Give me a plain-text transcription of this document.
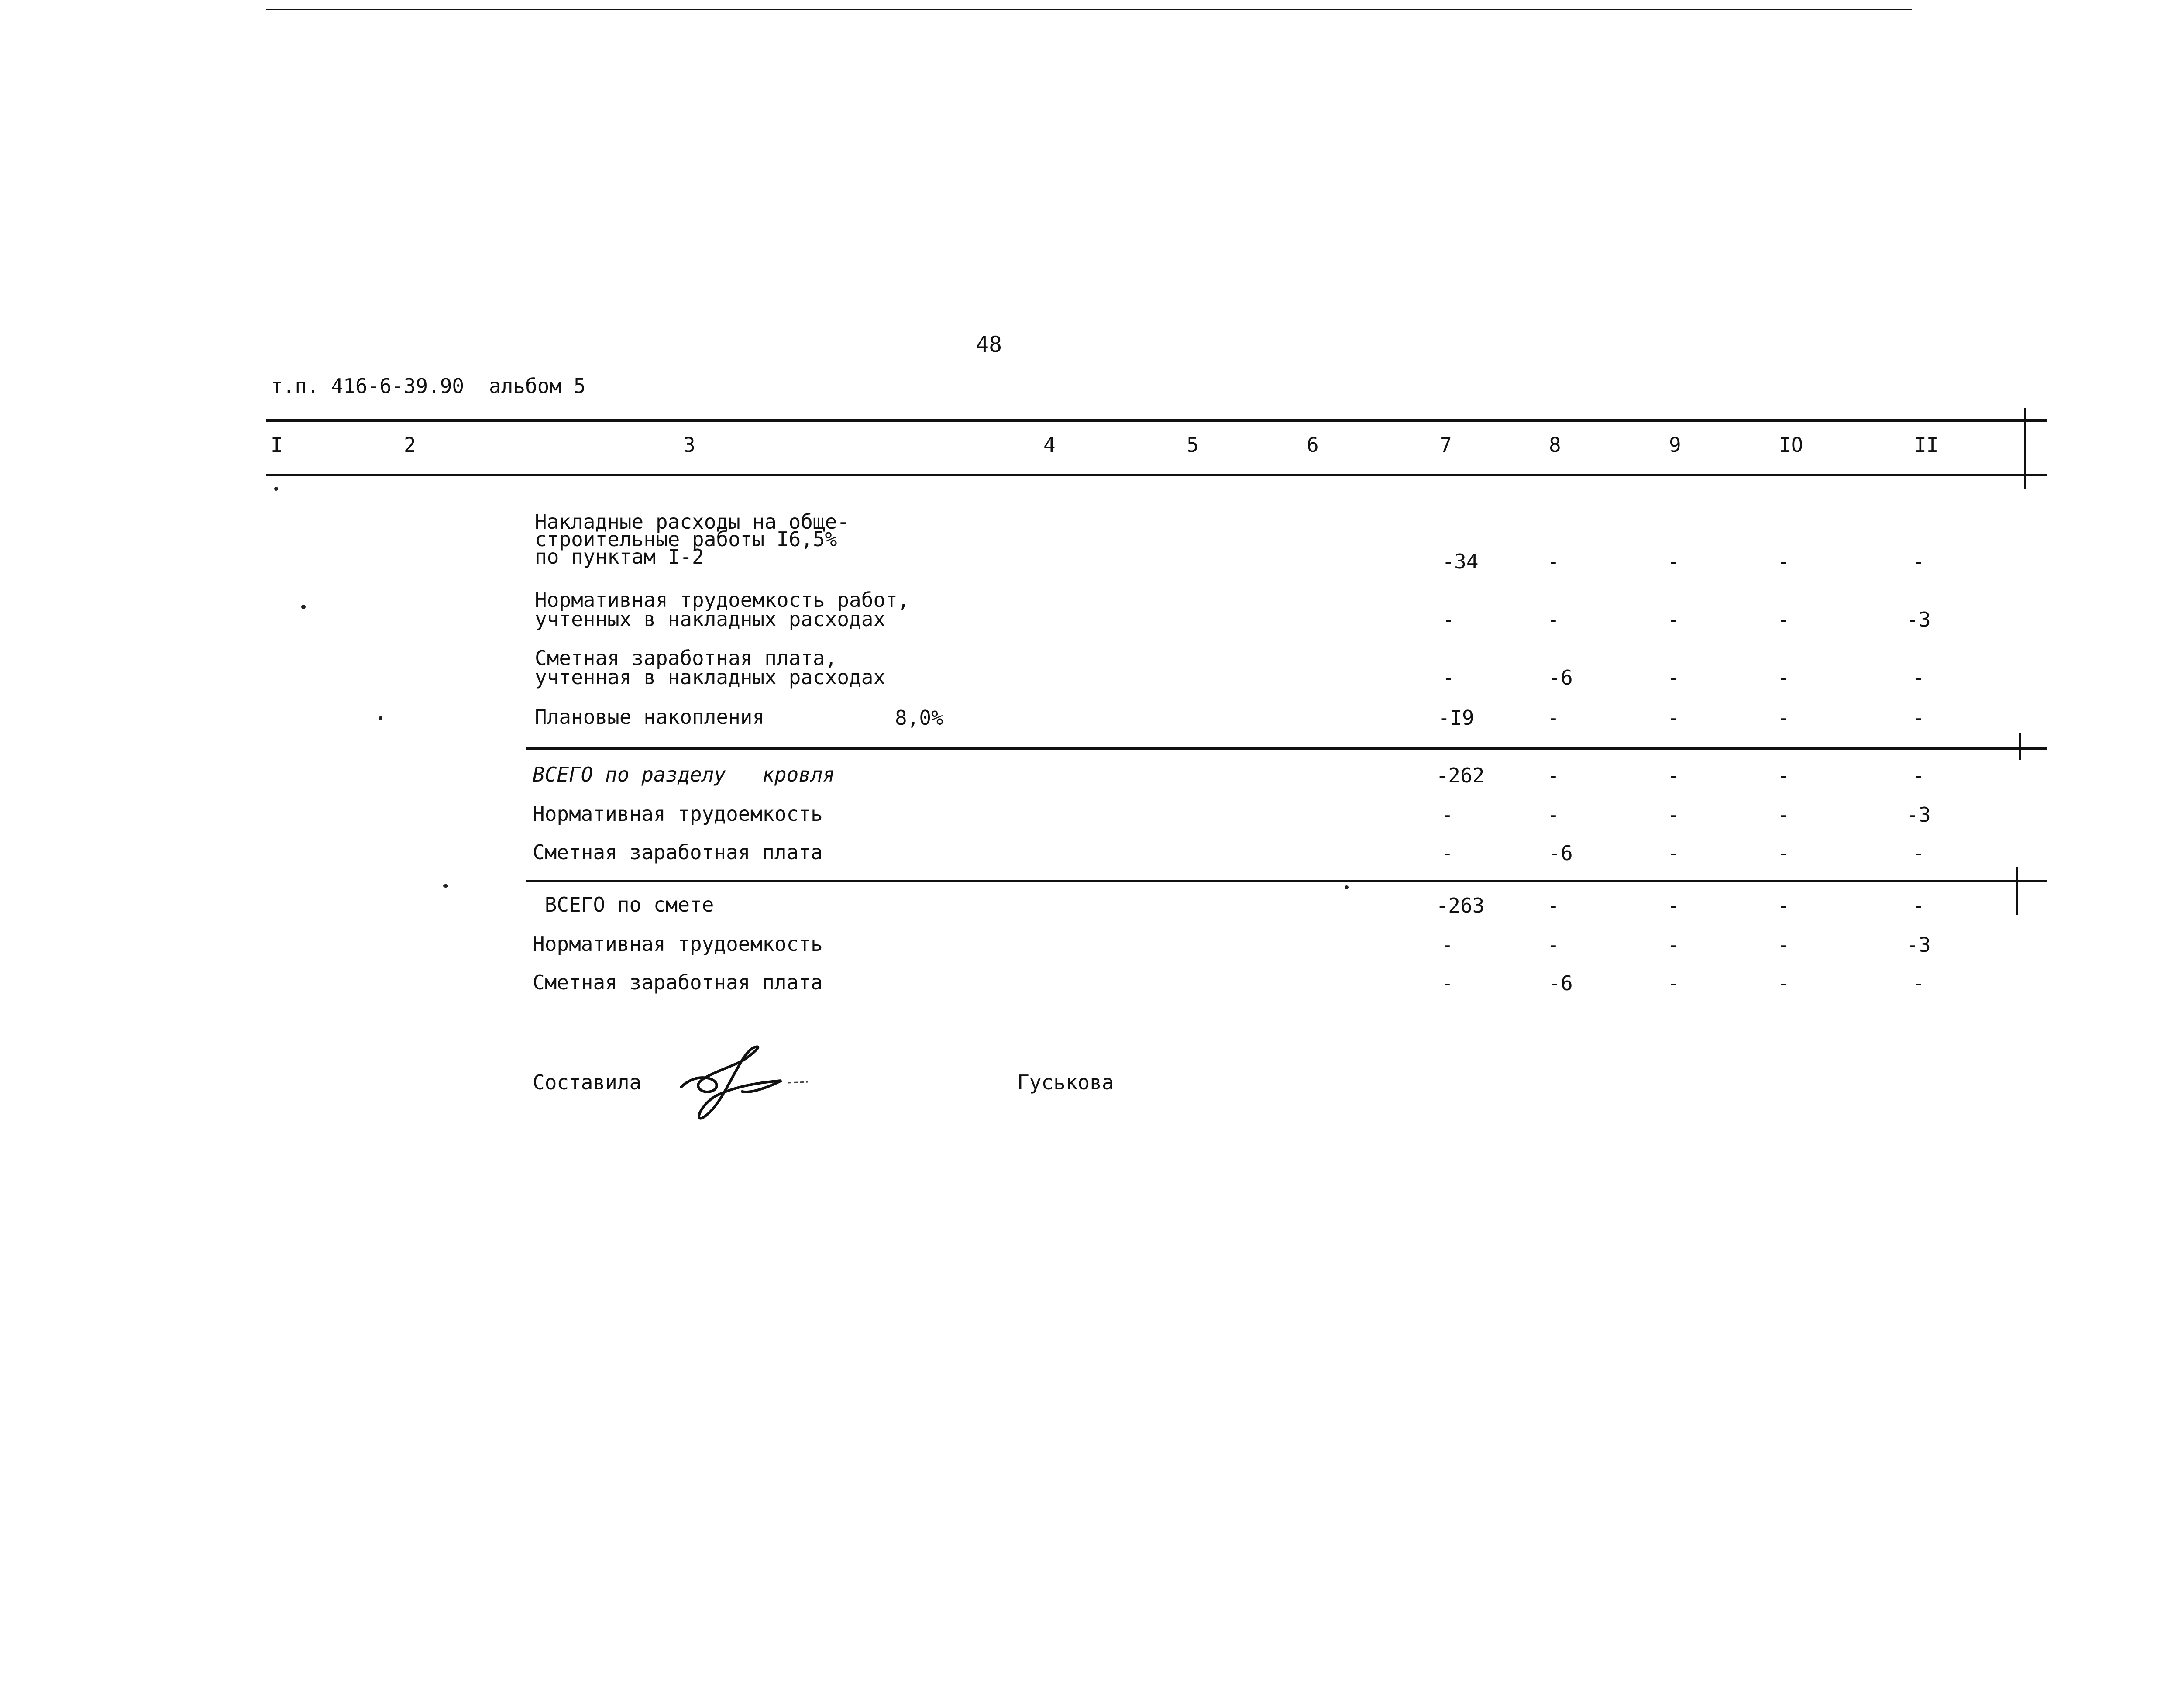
48
т.п. 416-6-39.90 альбом 5
I	2	3	4	5	6	7	8	9	IO	II
Накладные расходы на обще-
строительные работы I6,5%
по пунктам I-2	-34	-	-	-	-
Нормативная трудоемкость работ,
учтенных в накладных расходах	-	-	-	-	-3
Сметная заработная плата,
учтенная в накладных расходах	-	-6	-	-	-
Плановые накопления	8,0%	-I9	-	-	-	-
ВСЕГО по разделу   кровля	-262	-	-	-	-
Нормативная трудоемкость	-	-	-	-	-3
Сметная заработная плата	-	-6	-	-	-
ВСЕГО по смете	-263	-	-	-	-
Нормативная трудоемкость	-	-	-	-	-3
Сметная заработная плата	-	-6	-	-	-
Составила	Гуськова
